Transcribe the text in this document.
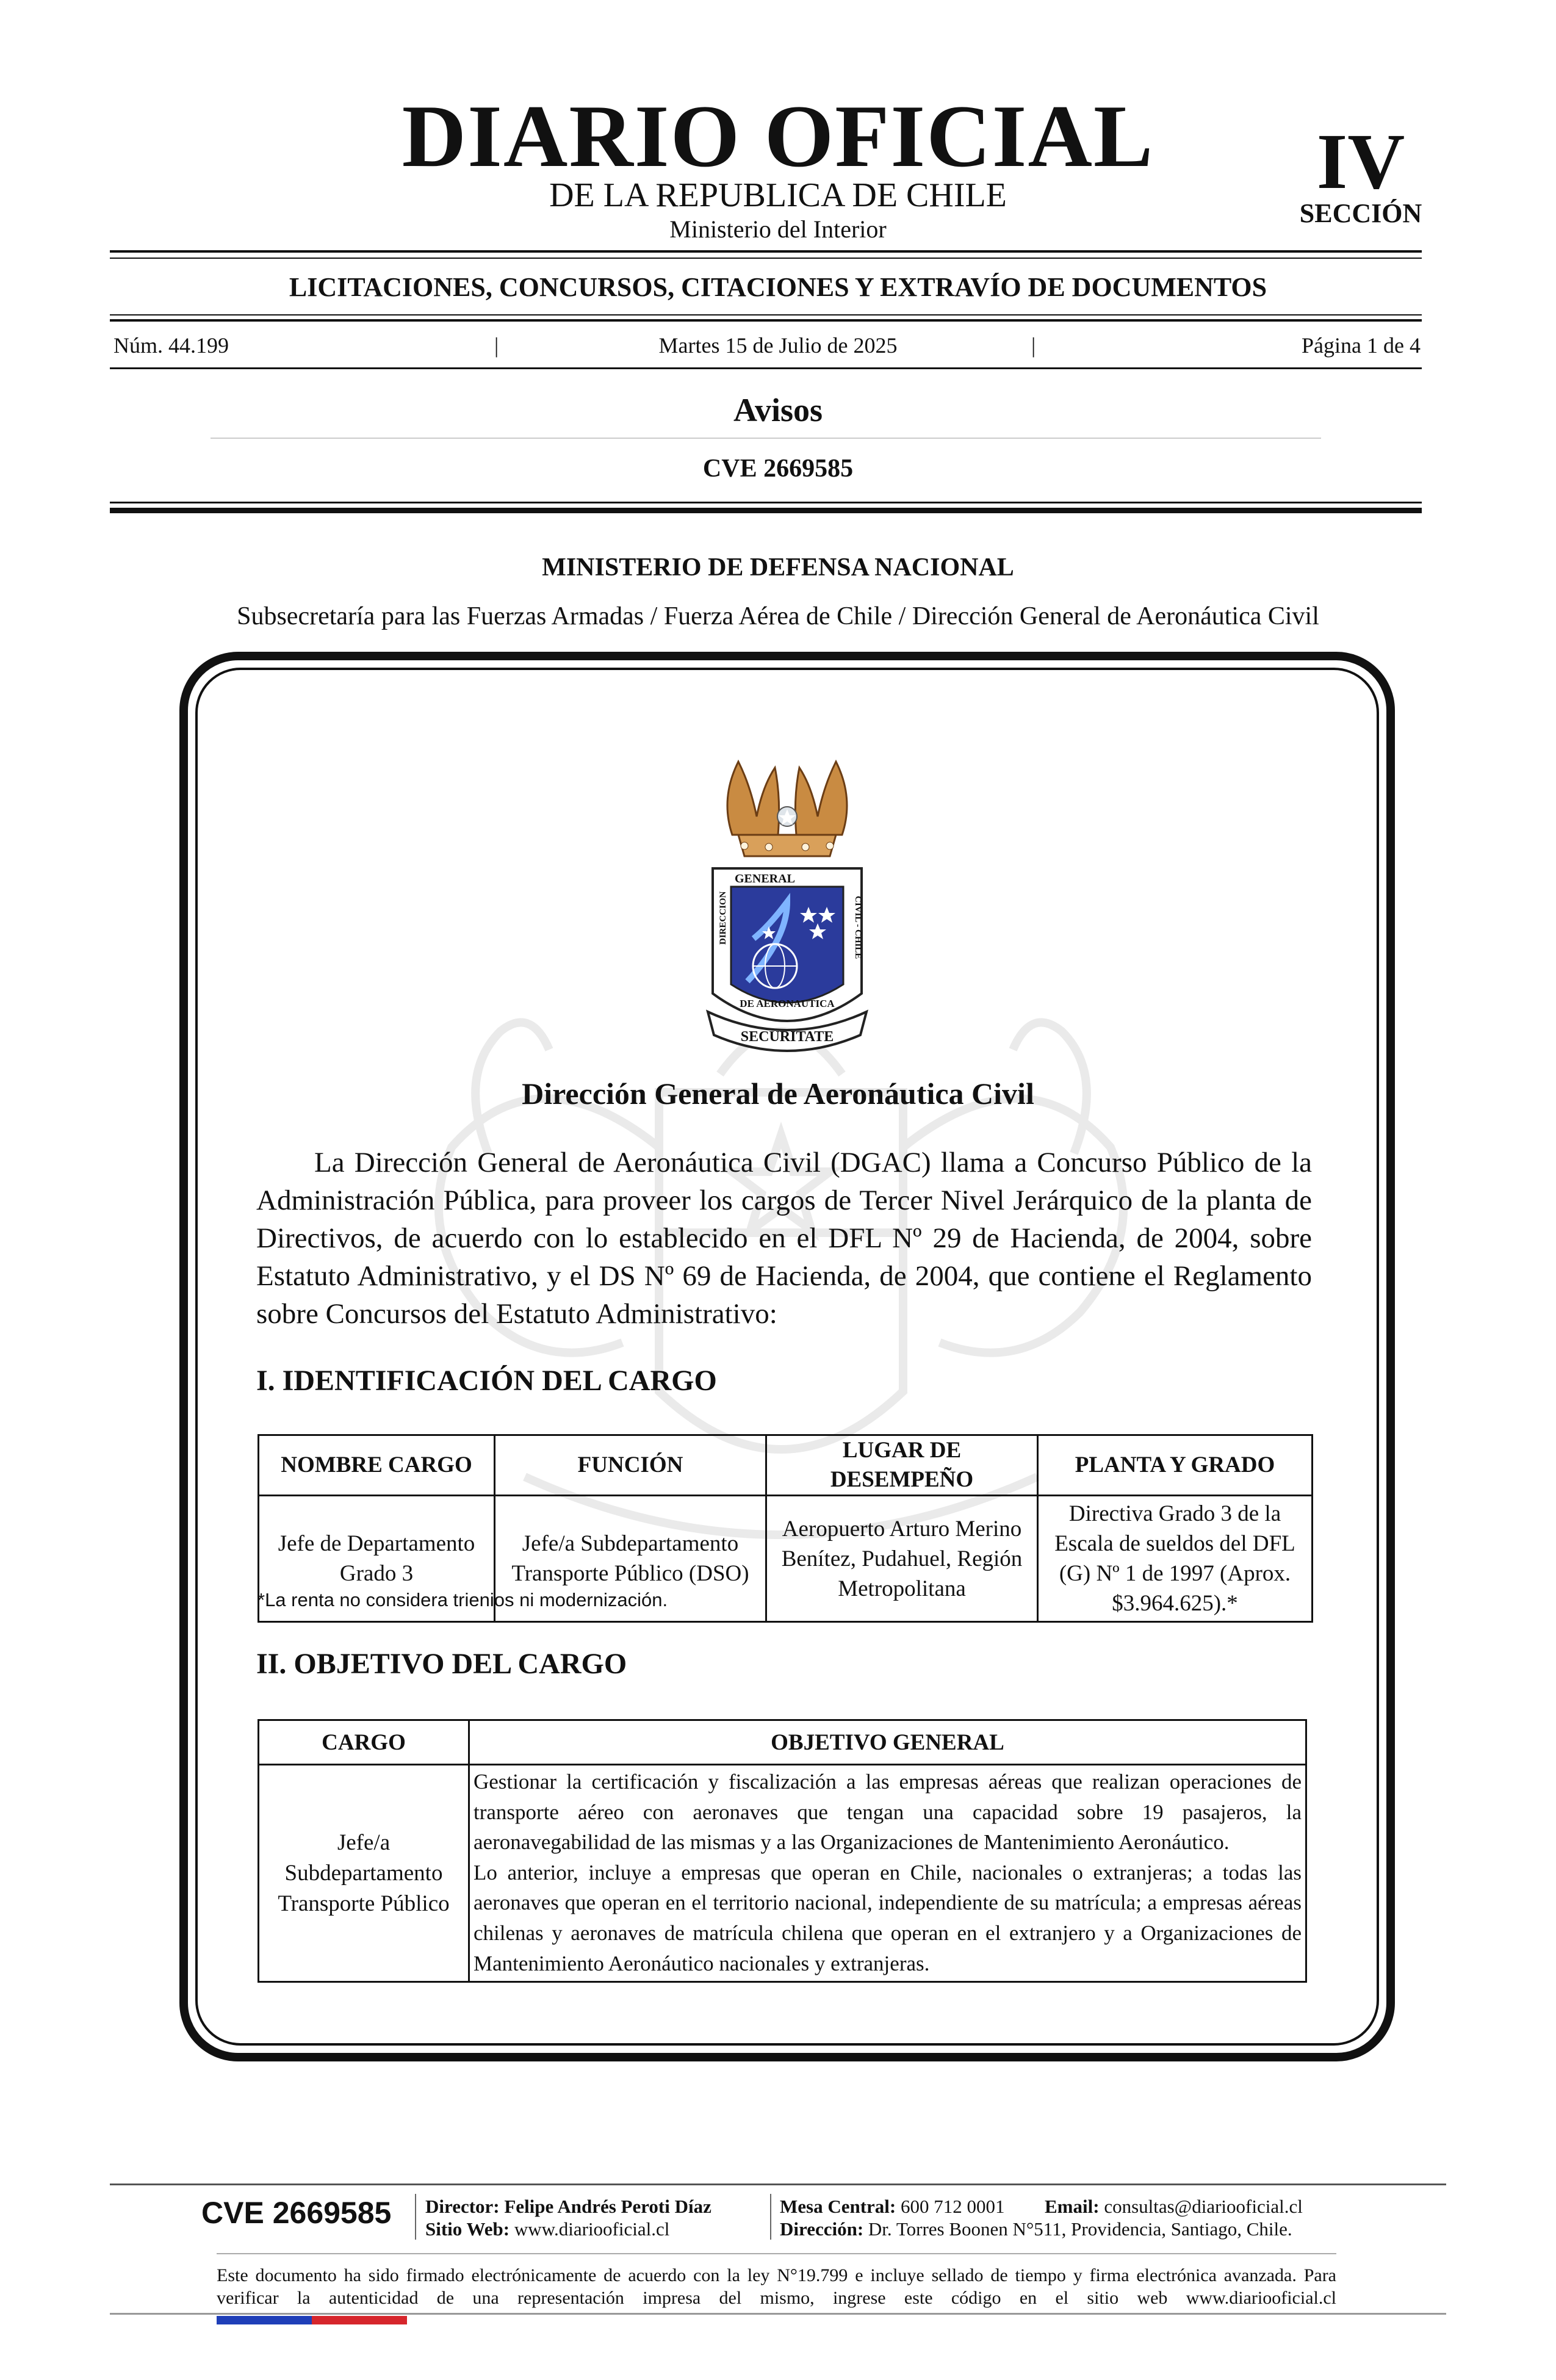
DIARIO OFICIAL
DE LA REPUBLICA DE CHILE
Ministerio del Interior
IV
SECCIÓN
LICITACIONES, CONCURSOS, CITACIONES Y EXTRAVÍO DE DOCUMENTOS
Núm. 44.199	|	Martes 15 de Julio de 2025	|	Página 1 de 4
Avisos
CVE 2669585
MINISTERIO DE DEFENSA NACIONAL
Subsecretaría para las Fuerzas Armadas / Fuerza Aérea de Chile / Dirección General de Aeronáutica Civil
GENERAL
DIRECCION	CIVIL - CHILE
DE AERONAUTICA
SECURITATE
Dirección General de Aeronáutica Civil
La Dirección General de Aeronáutica Civil (DGAC) llama a Concurso Público de la Administración Pública, para proveer los cargos de Tercer Nivel Jerárquico de la planta de Directivos, de acuerdo con lo establecido en el DFL Nº 29 de Hacienda, de 2004, sobre Estatuto Administrativo, y el DS Nº 69 de Hacienda, de 2004, que contiene el Reglamento sobre Concursos del Estatuto Administrativo:
I. IDENTIFICACIÓN DEL CARGO
NOMBRE CARGO	FUNCIÓN	LUGAR DE DESEMPEÑO	PLANTA Y GRADO
Jefe de Departamento Grado 3	Jefe/a Subdepartamento Transporte Público (DSO)	Aeropuerto Arturo Merino Benítez, Pudahuel, Región Metropolitana	Directiva Grado 3 de la Escala de sueldos del DFL (G) Nº 1 de 1997 (Aprox. $3.964.625).*
*La renta no considera trienios ni modernización.
II. OBJETIVO DEL CARGO
CARGO	OBJETIVO GENERAL
Jefe/a Subdepartamento Transporte Público	Gestionar la certificación y fiscalización a las empresas aéreas que realizan operaciones de transporte aéreo con aeronaves que tengan una capacidad sobre 19 pasajeros, la aeronavegabilidad de las mismas y a las Organizaciones de Mantenimiento Aeronáutico.
Lo anterior, incluye a empresas que operan en Chile, nacionales o extranjeras; a todas las aeronaves que operan en el territorio nacional, independiente de su matrícula; a empresas aéreas chilenas y aeronaves de matrícula chilena que operan en el extranjero y a Organizaciones de Mantenimiento Aeronáutico nacionales y extranjeras.
CVE 2669585 Director: Felipe Andrés Peroti Díaz
Sitio Web: www.diariooficial.cl
Mesa Central: 600 712 0001 Email: consultas@diariooficial.cl
Dirección: Dr. Torres Boonen N°511, Providencia, Santiago, Chile.
Este documento ha sido firmado electrónicamente de acuerdo con la ley N°19.799 e incluye sellado de tiempo y firma electrónica avanzada. Para verificar la autenticidad de una representación impresa del mismo, ingrese este código en el sitio web www.diariooficial.cl
